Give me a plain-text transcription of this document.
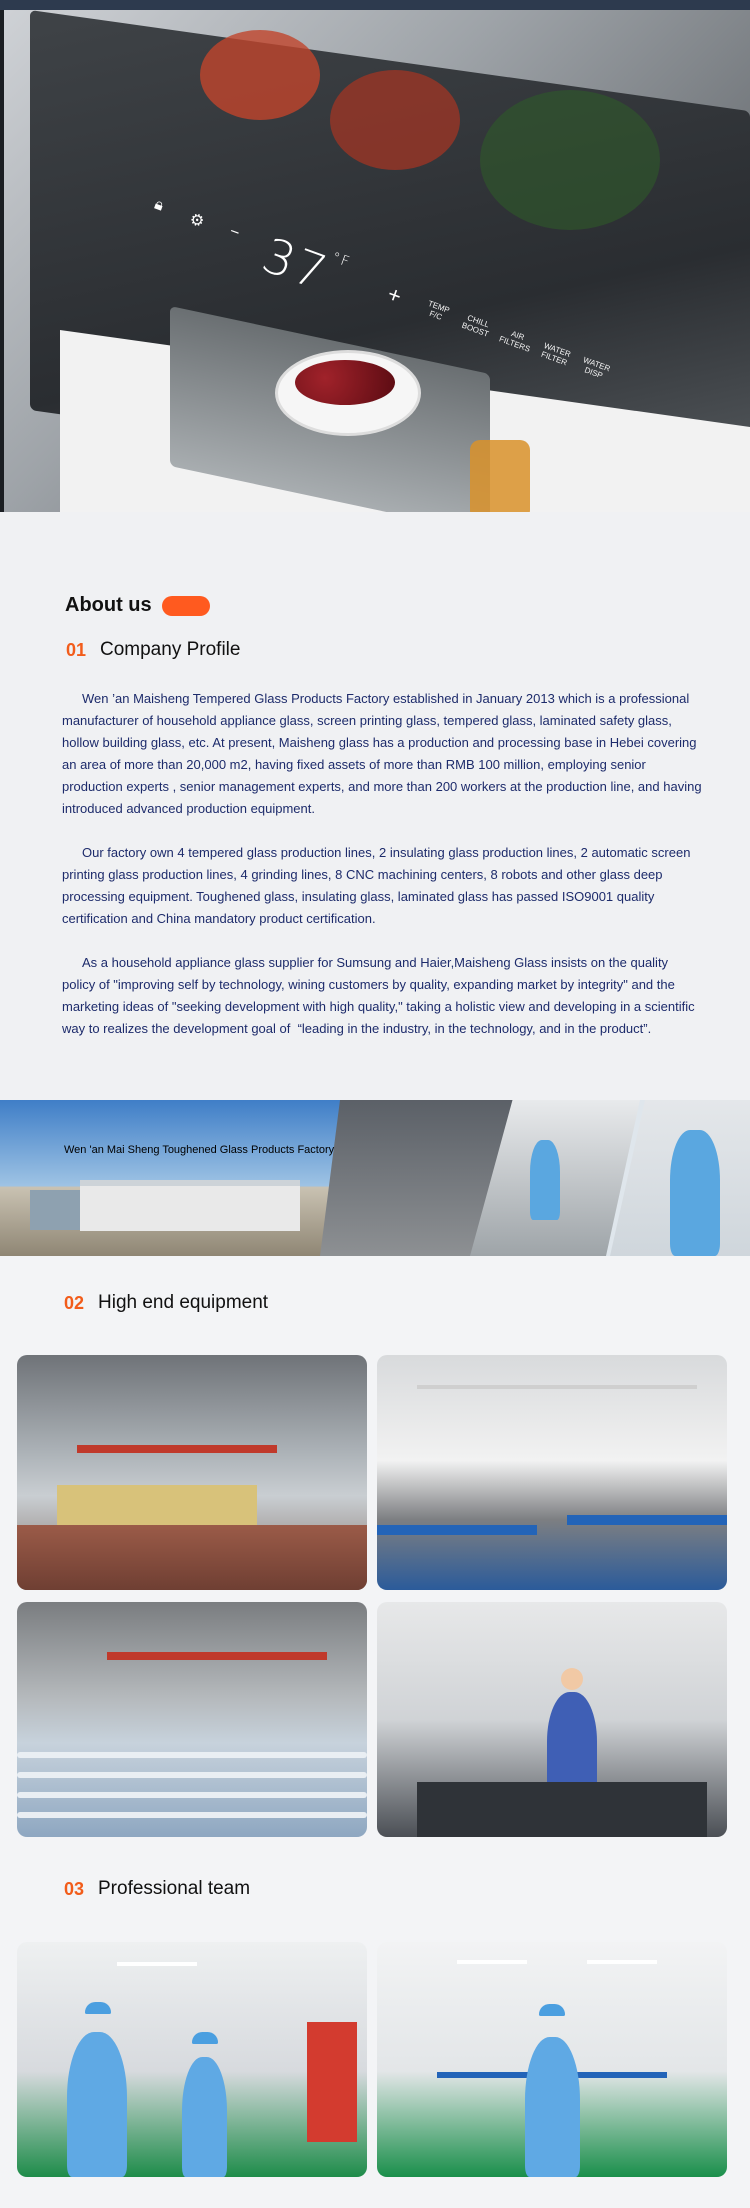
🔒︎
⚙︎
− $37^{^\circ F}$
+	TEMP
F/C	CHILL
BOOST	AIR
FILTERS	WATER
FILTER	WATER
DISP
About us
01 Company Profile
Wen ’an Maisheng Tempered Glass Products Factory established in January 2013 which is a professional manufacturer of household appliance glass, screen printing glass, tempered glass, laminated safety glass, hollow building glass, etc. At present, Maisheng glass has a production and processing base in Hebei covering an area of more than 20,000 m2, having fixed assets of more than RMB 100 million, employing senior production experts , senior management experts, and more than 200 workers at the production line, and having introduced advanced production equipment.
Our factory own 4 tempered glass production lines, 2 insulating glass production lines, 2 automatic screen printing glass production lines, 4 grinding lines, 8 CNC machining centers, 8 robots and other glass deep processing equipment. Toughened glass, insulating glass, laminated glass has passed ISO9001 quality certification and China mandatory product certification.
As a household appliance glass supplier for Sumsung and Haier,Maisheng Glass insists on the quality policy of "improving self by technology, wining customers by quality, expanding market by integrity" and the marketing ideas of "seeking development with high quality," taking a holistic view and developing in a scientific way to realizes the development goal of  “leading in the industry, in the technology, and in the product”.
Wen 'an Mai Sheng Toughened Glass Products Factory
02 High end equipment
03 Professional team
